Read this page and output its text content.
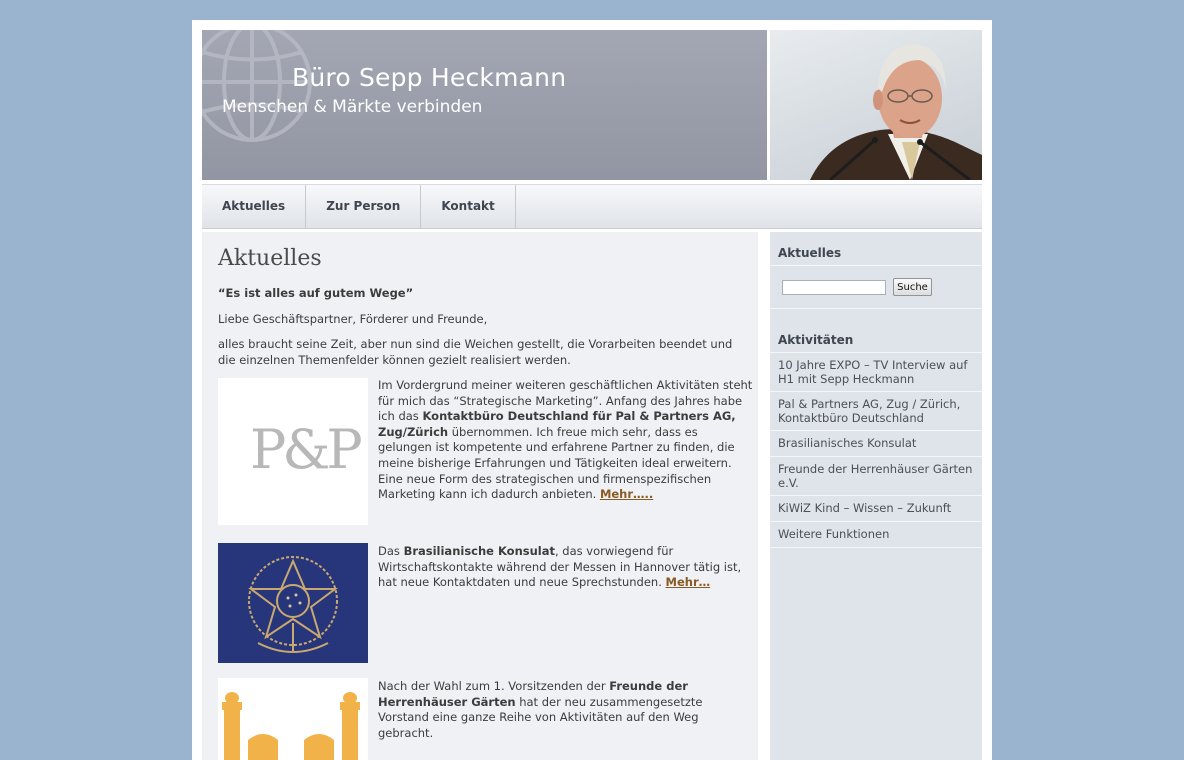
Büro Sepp Heckmann
Menschen & Märkte verbinden
Aktuelles	Zur Person	Kontakt
Aktuelles
“Es ist alles auf gutem Wege”
Liebe Geschäftspartner, Förderer und Freunde,
alles braucht seine Zeit, aber nun sind die Weichen gestellt, die Vorarbeiten beendet und die einzelnen Themenfelder können gezielt realisiert werden.
P&P
Im Vordergrund meiner weiteren geschäftlichen Aktivitäten steht für mich das “Strategische Marketing”. Anfang des Jahres habe ich das Kontaktbüro Deutschland für Pal & Partners AG, Zug/Zürich übernommen. Ich freue mich sehr, dass es gelungen ist kompetente und erfahrene Partner zu finden, die meine bisherige Erfahrungen und Tätigkeiten ideal erweitern. Eine neue Form des strategischen und firmenspezifischen Marketing kann ich dadurch anbieten. Mehr…..
Das Brasilianische Konsulat, das vorwiegend für Wirtschaftskontakte während der Messen in Hannover tätig ist, hat neue Kontaktdaten und neue Sprechstunden. Mehr…
Nach der Wahl zum 1. Vorsitzenden der Freunde der Herrenhäuser Gärten hat der neu zusammengesetzte Vorstand eine ganze Reihe von Aktivitäten auf den Weg gebracht.
Aktuelles
Suche
Aktivitäten
10 Jahre EXPO – TV Interview auf H1 mit Sepp Heckmann
Pal & Partners AG, Zug / Zürich, Kontaktbüro Deutschland
Brasilianisches Konsulat
Freunde der Herrenhäuser Gärten e.V.
KiWiZ Kind – Wissen – Zukunft
Weitere Funktionen
